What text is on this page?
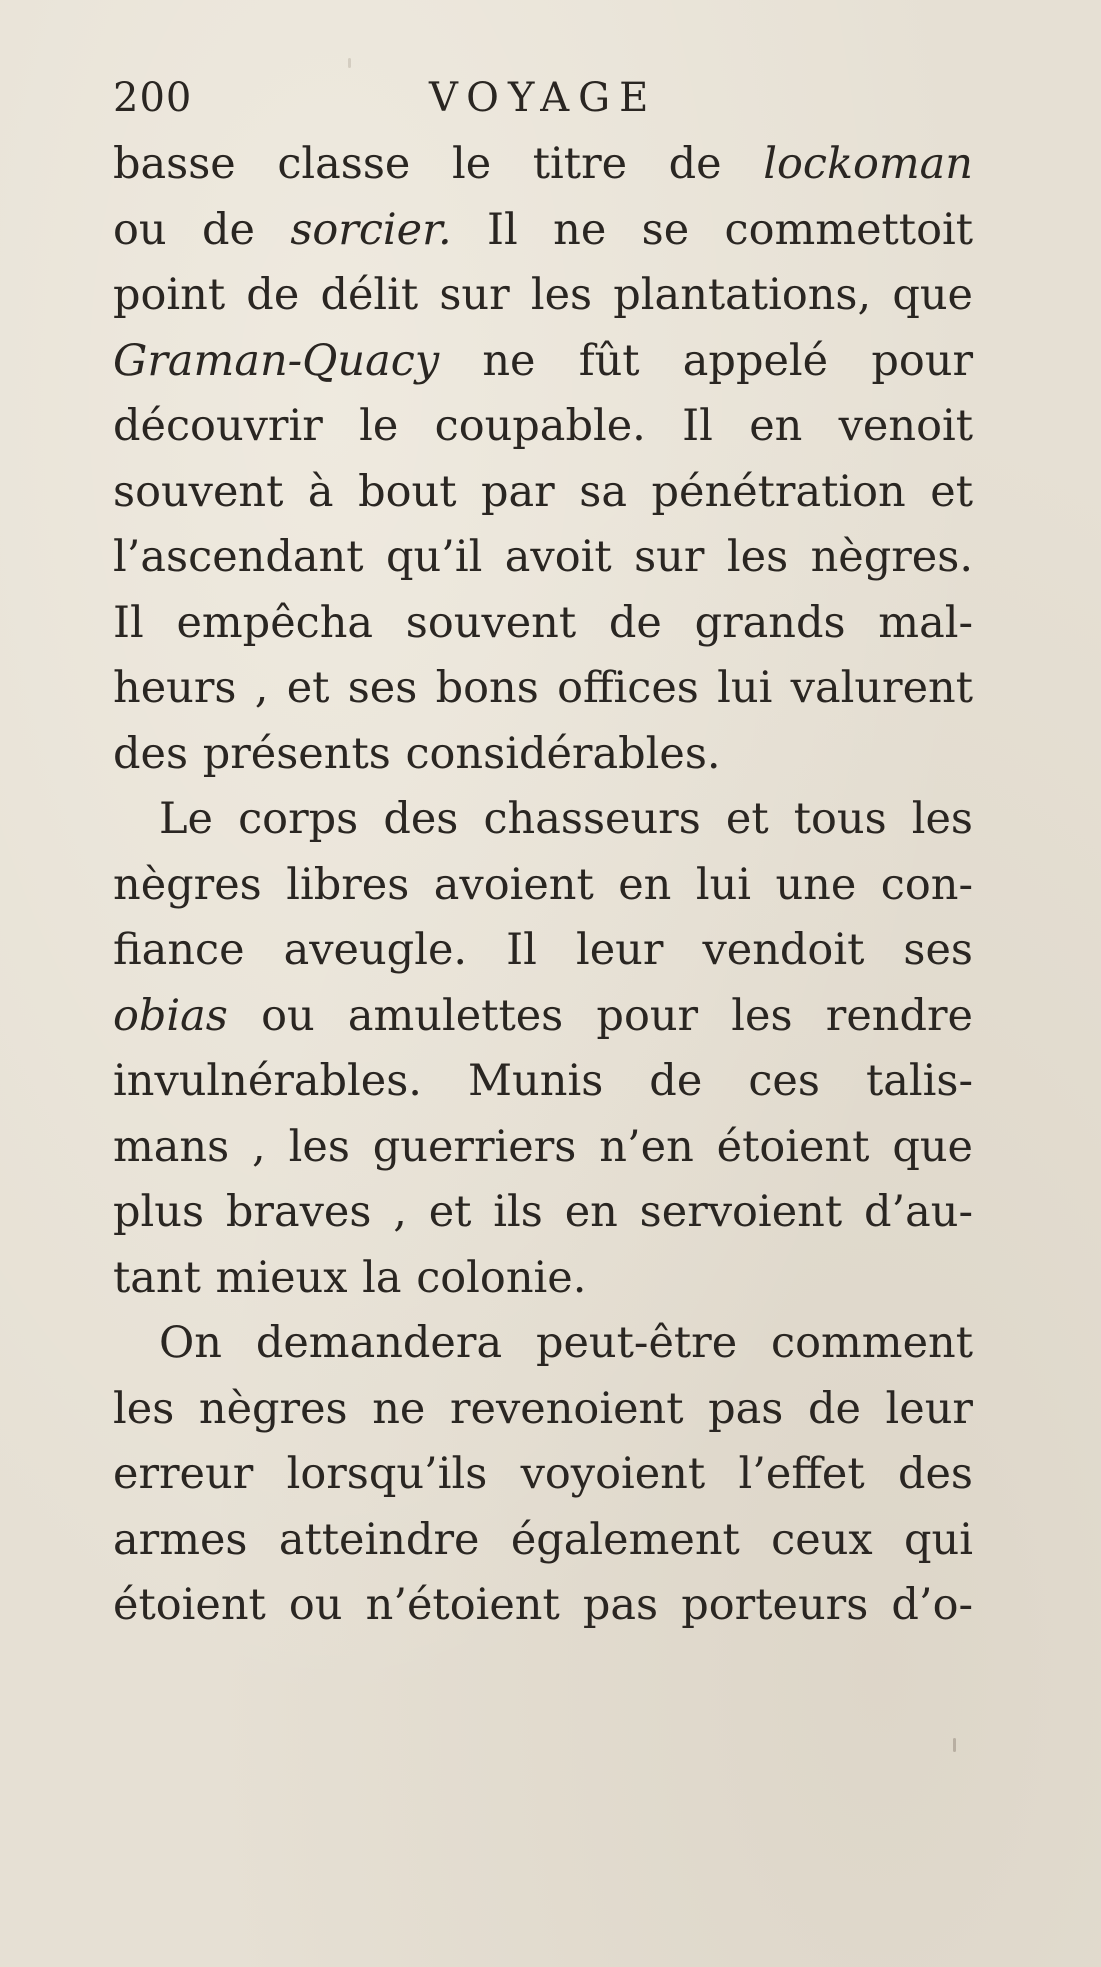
200	VOYAGE
basse classe le titre de lockoman
ou de sorcier. Il ne se commettoit
point de délit sur les plantations, que
Graman-Quacy ne fût appelé pour
découvrir le coupable. Il en venoit
souvent à bout par sa pénétration et
l’ascendant qu’il avoit sur les nègres.
Il empêcha souvent de grands mal-
heurs , et ses bons offices lui valurent
des présents considérables.
Le corps des chasseurs et tous les
nègres libres avoient en lui une con-
fiance aveugle. Il leur vendoit ses
obias ou amulettes pour les rendre
invulnérables. Munis de ces talis-
mans , les guerriers n’en étoient que
plus braves , et ils en servoient d’au-
tant mieux la colonie.
On demandera peut-être comment
les nègres ne revenoient pas de leur
erreur lorsqu’ils voyoient l’effet des
armes atteindre également ceux qui
étoient ou n’étoient pas porteurs d’o-
